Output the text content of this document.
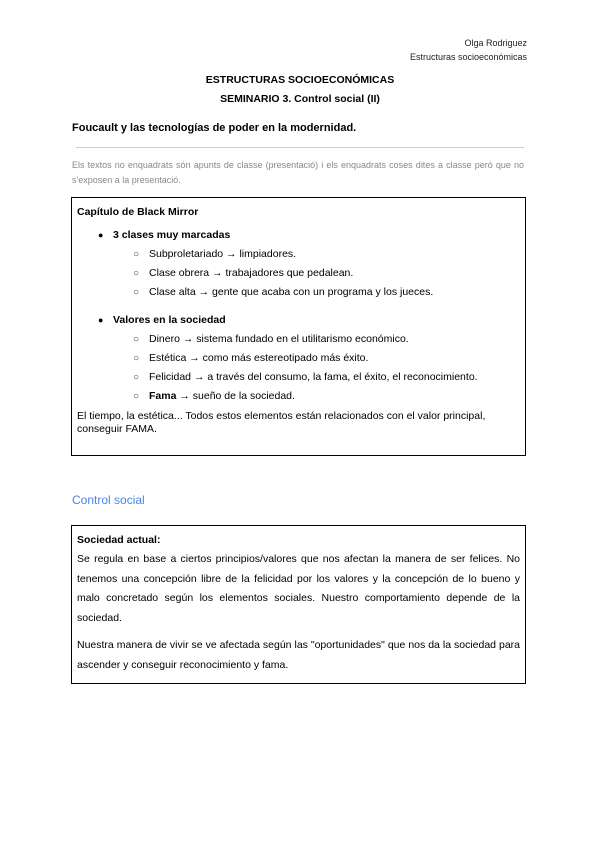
Olga Rodriguez
Estructuras socioeconómicas
ESTRUCTURAS SOCIOECONÓMICAS
SEMINARIO 3. Control social (II)
Foucault y las tecnologías de poder en la modernidad.
Els textos no enquadrats són apunts de classe (presentació) i els enquadrats coses dites a classe però que no s'exposen a la presentació.
Capítulo de Black Mirror
● 3 clases muy marcadas
○ Subproletariado → limpiadores.
○ Clase obrera → trabajadores que pedalean.
○ Clase alta → gente que acaba con un programa y los jueces.
● Valores en la sociedad
○ Dinero → sistema fundado en el utilitarismo económico.
○ Estética → como más estereotipado más éxito.
○ Felicidad → a través del consumo, la fama, el éxito, el reconocimiento.
○ Fama → sueño de la sociedad.
El tiempo, la estética... Todos estos elementos están relacionados con el valor principal, conseguir FAMA.
Control social
Sociedad actual:
Se regula en base a ciertos principios/valores que nos afectan la manera de ser felices. No tenemos una concepción libre de la felicidad por los valores y la concepción de lo bueno y malo concretado según los elementos sociales. Nuestro comportamiento depende de la sociedad.
Nuestra manera de vivir se ve afectada según las "oportunidades" que nos da la sociedad para ascender y conseguir reconocimiento y fama.
